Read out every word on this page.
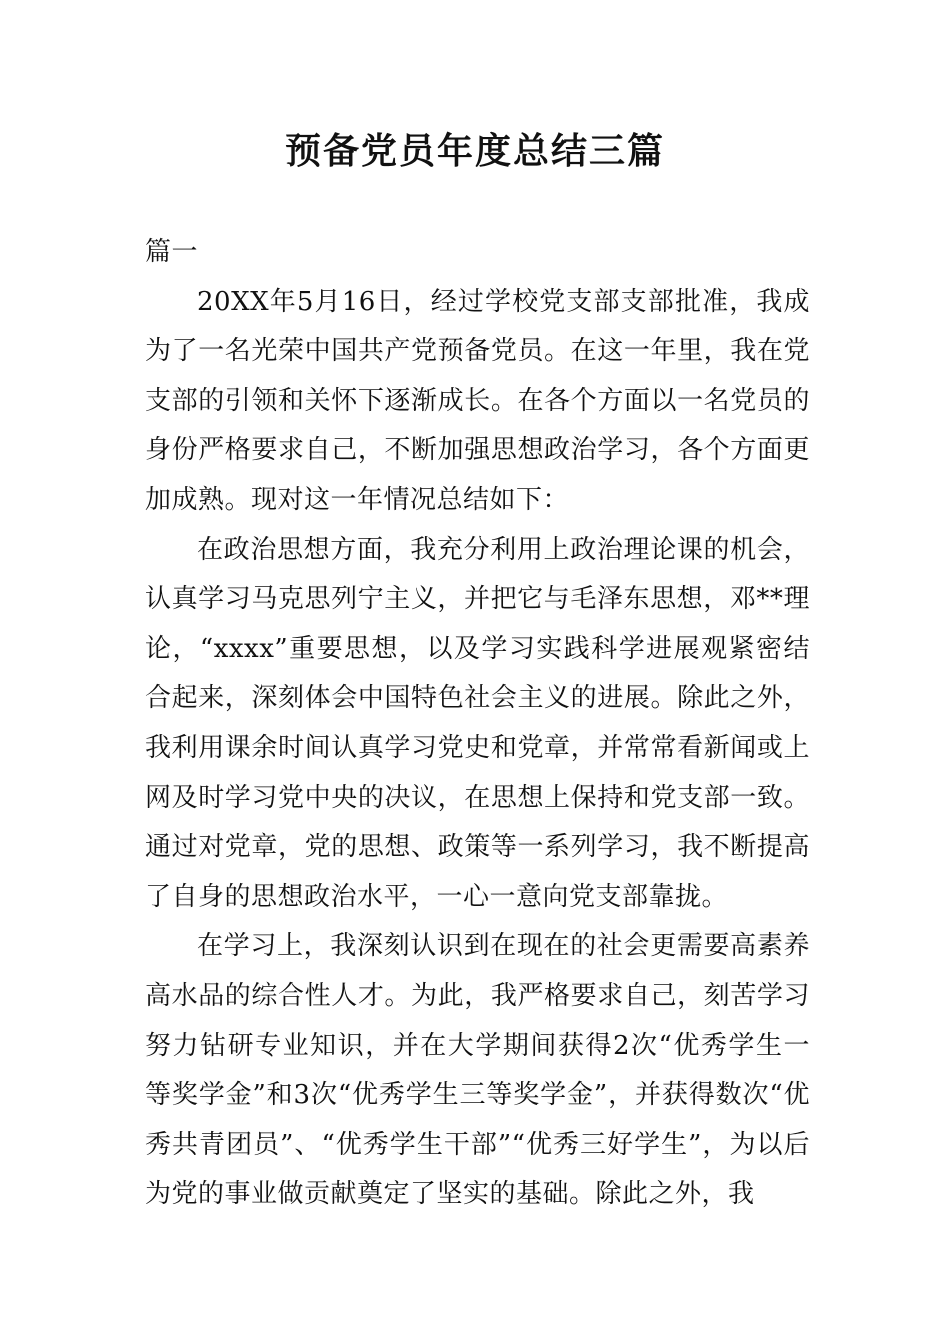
预备党员年度总结三篇

篇一

20XX年5月16日，经过学校党支部支部批准，我成为了一名光荣中国共产党预备党员。在这一年里，我在党支部的引领和关怀下逐渐成长。在各个方面以一名党员的身份严格要求自己，不断加强思想政治学习，各个方面更加成熟。现对这一年情况总结如下：

在政治思想方面，我充分利用上政治理论课的机会，认真学习马克思列宁主义，并把它与毛泽东思想，邓**理论，“xxxx”重要思想，以及学习实践科学进展观紧密结合起来，深刻体会中国特色社会主义的进展。除此之外，我利用课余时间认真学习党史和党章，并常常看新闻或上网及时学习党中央的决议，在思想上保持和党支部一致。通过对党章，党的思想、政策等一系列学习，我不断提高了自身的思想政治水平，一心一意向党支部靠拢。

在学习上，我深刻认识到在现在的社会更需要高素养高水品的综合性人才。为此，我严格要求自己，刻苦学习努力钻研专业知识，并在大学期间获得2次“优秀学生一等奖学金”和3次“优秀学生三等奖学金”，并获得数次“优秀共青团员”、“优秀学生干部”“优秀三好学生”，为以后为党的事业做贡献奠定了坚实的基础。除此之外，我
